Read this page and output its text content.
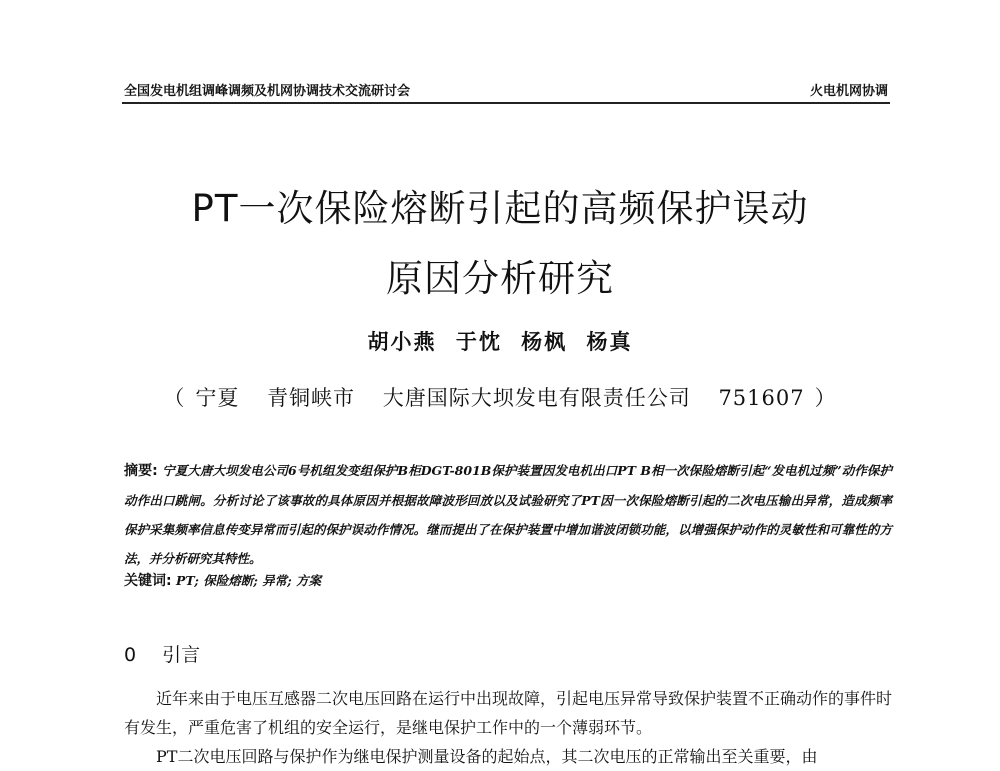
全国发电机组调峰调频及机网协调技术交流研讨会	火电机网协调
PT一次保险熔断引起的高频保护误动
原因分析研究
胡小燕 于忱 杨枫 杨真
（ 宁夏 青铜峡市 大唐国际大坝发电有限责任公司 751607 ）
摘要: 宁夏大唐大坝发电公司6号机组发变组保护B柜DGT-801B保护装置因发电机出口PT B相一次保险熔断引起“发电机过频”动作保护动作出口跳闸。分析讨论了该事故的具体原因并根据故障波形回放以及试验研究了PT因一次保险熔断引起的二次电压输出异常，造成频率保护采集频率信息传变异常而引起的保护误动作情况。继而提出了在保护装置中增加谐波闭锁功能，以增强保护动作的灵敏性和可靠性的方法，并分析研究其特性。
关键词: PT; 保险熔断; 异常; 方案
0 引言

近年来由于电压互感器二次电压回路在运行中出现故障，引起电压异常导致保护装置不正确动作的事件时有发生，严重危害了机组的安全运行，是继电保护工作中的一个薄弱环节。

PT二次电压回路与保护作为继电保护测量设备的起始点，其二次电压的正常输出至关重要，由
